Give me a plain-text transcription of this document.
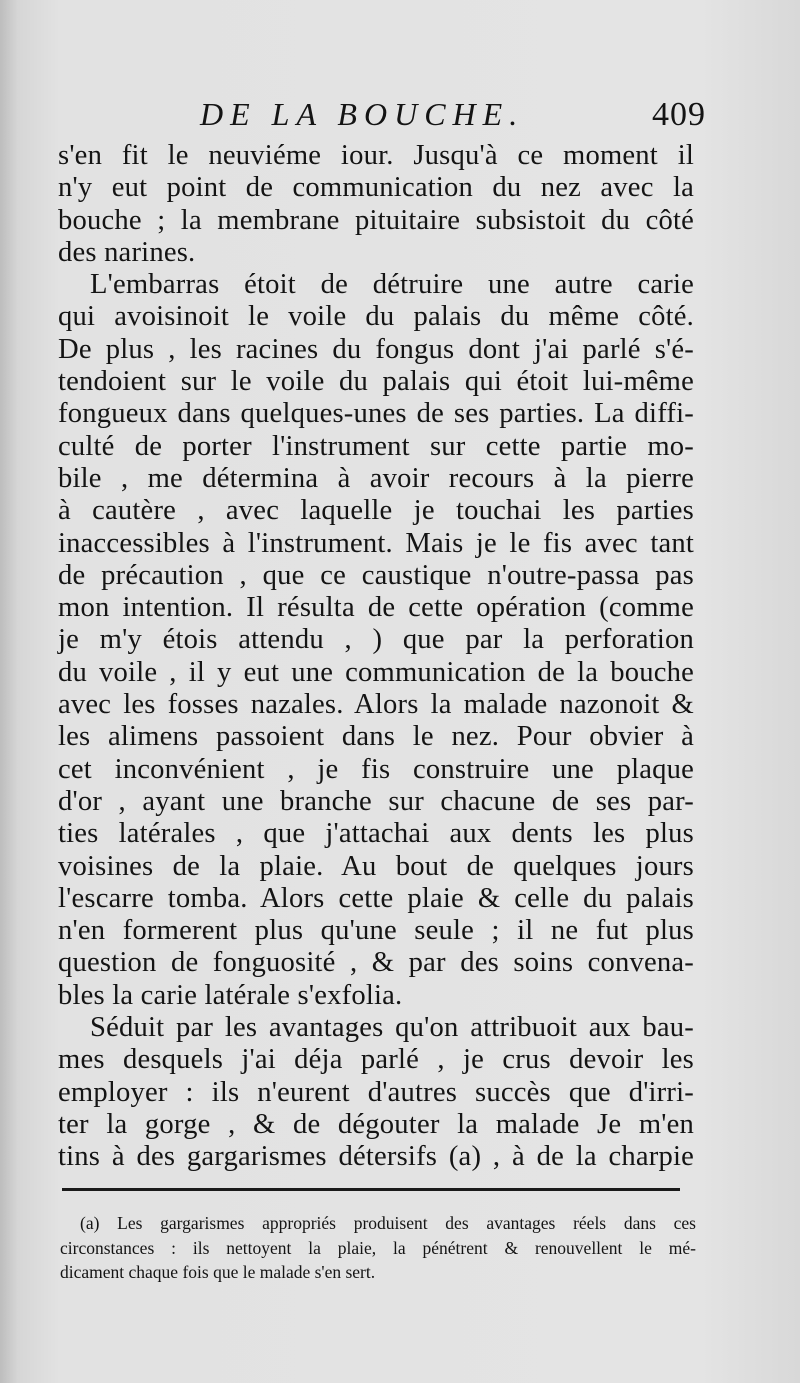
DE LA BOUCHE.	409
s'en fit le neuviéme iour. Jusqu'à ce moment il
n'y eut point de communication du nez avec la
bouche ; la membrane pituitaire subsistoit du côté
des narines.
L'embarras étoit de détruire une autre carie
qui avoisinoit le voile du palais du même côté.
De plus , les racines du fongus dont j'ai parlé s'é-
tendoient sur le voile du palais qui étoit lui-même
fongueux dans quelques-unes de ses parties. La diffi-
culté de porter l'instrument sur cette partie mo-
bile , me détermina à avoir recours à la pierre
à cautère , avec laquelle je touchai les parties
inaccessibles à l'instrument. Mais je le fis avec tant
de précaution , que ce caustique n'outre-passa pas
mon intention. Il résulta de cette opération (comme
je m'y étois attendu , ) que par la perforation
du voile , il y eut une communication de la bouche
avec les fosses nazales. Alors la malade nazonoit &
les alimens passoient dans le nez. Pour obvier à
cet inconvénient , je fis construire une plaque
d'or , ayant une branche sur chacune de ses par-
ties latérales , que j'attachai aux dents les plus
voisines de la plaie. Au bout de quelques jours
l'escarre tomba. Alors cette plaie & celle du palais
n'en formerent plus qu'une seule ; il ne fut plus
question de fonguosité , & par des soins convena-
bles la carie latérale s'exfolia.
Séduit par les avantages qu'on attribuoit aux bau-
mes desquels j'ai déja parlé , je crus devoir les
employer : ils n'eurent d'autres succès que d'irri-
ter la gorge , & de dégouter la malade Je m'en
tins à des gargarismes détersifs (a) , à de la charpie
(a) Les gargarismes appropriés produisent des avantages réels dans ces
circonstances : ils nettoyent la plaie, la pénétrent & renouvellent le mé-
dicament chaque fois que le malade s'en sert.
